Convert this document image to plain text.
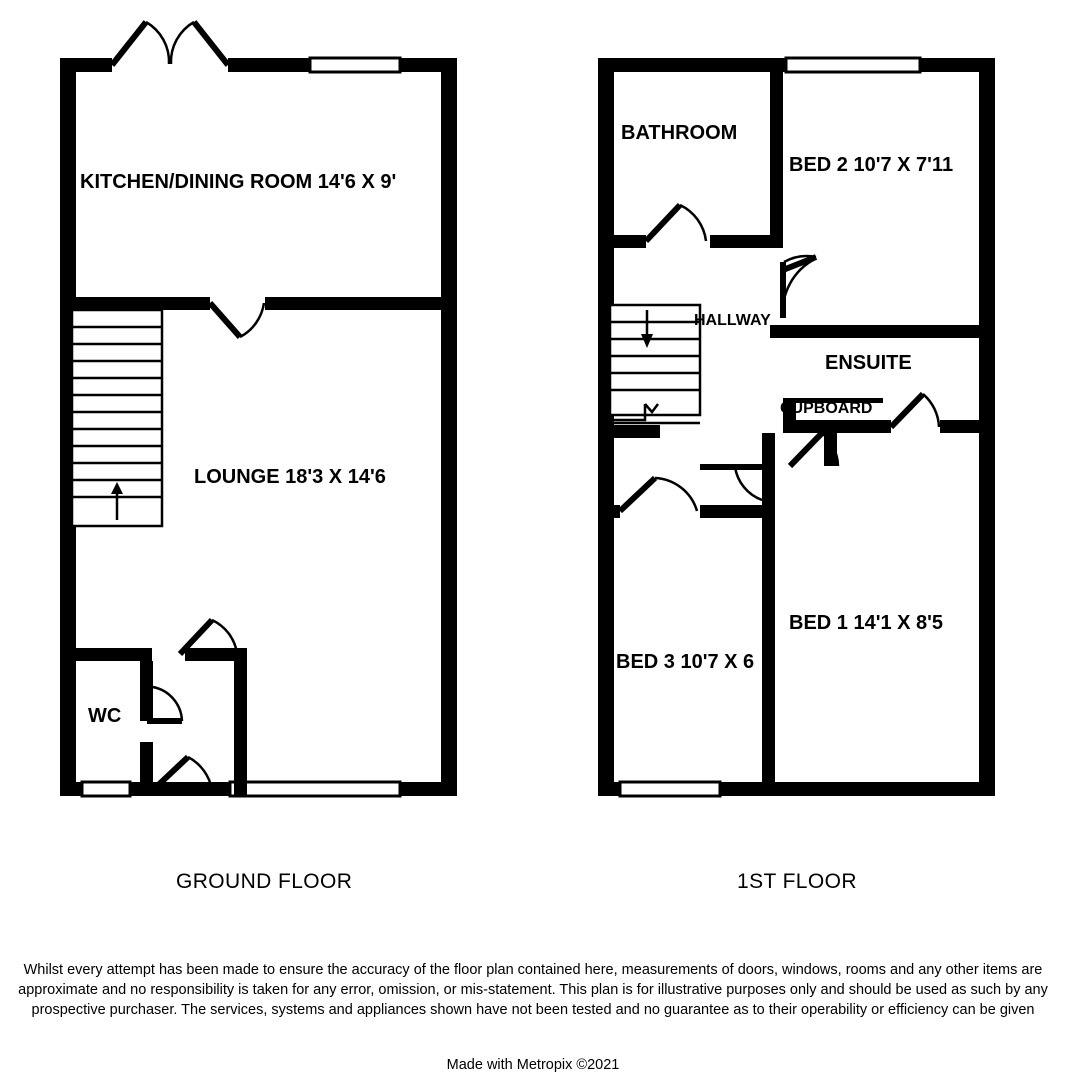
GROUND FLOOR	1ST FLOOR
KITCHEN/DINING ROOM 14'6 X 9'
LOUNGE 18'3 X 14'6
WC
BATHROOM
BED 2 10'7 X 7'11
HALLWAY
ENSUITE
CUPBOARD
BED 1 14'1 X 8'5
BED 3 10'7 X 6
Whilst every attempt has been made to ensure the accuracy of the floor plan contained here, measurements of doors, windows, rooms and any other items are approximate and no responsibility is taken for any error, omission, or mis-statement. This plan is for illustrative purposes only and should be used as such by any prospective purchaser. The services, systems and appliances shown have not been tested and no guarantee as to their operability or efficiency can be given
Made with Metropix ©2021
